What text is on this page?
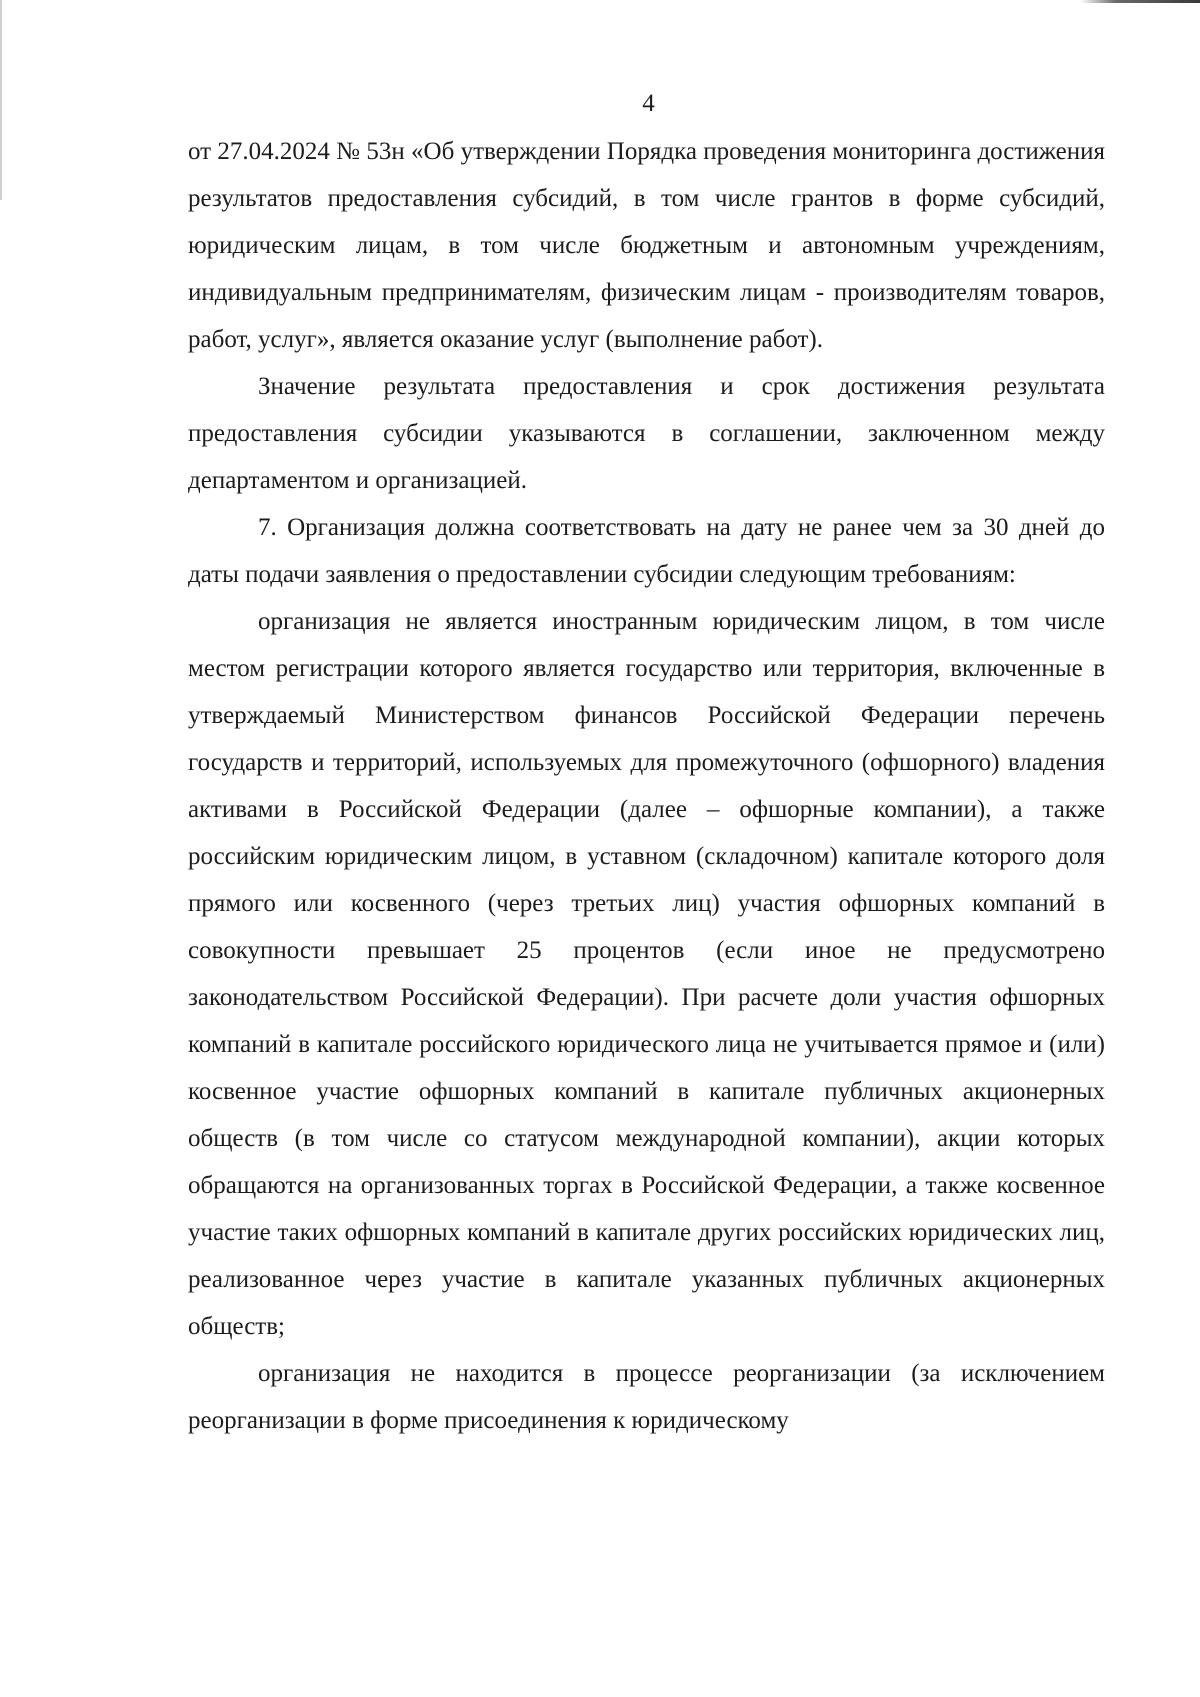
4

от 27.04.2024 № 53н «Об утверждении Порядка проведения мониторинга достижения результатов предоставления субсидий, в том числе грантов в форме субсидий, юридическим лицам, в том числе бюджетным и автономным учреждениям, индивидуальным предпринимателям, физическим лицам - производителям товаров, работ, услуг», является оказание услуг (выполнение работ).

Значение результата предоставления и срок достижения результата предоставления субсидии указываются в соглашении, заключенном между департаментом и организацией.

7. Организация должна соответствовать на дату не ранее чем за 30 дней до даты подачи заявления о предоставлении субсидии следующим требованиям:

организация не является иностранным юридическим лицом, в том числе местом регистрации которого является государство или территория, включенные в утверждаемый Министерством финансов Российской Федерации перечень государств и территорий, используемых для промежуточного (офшорного) владения активами в Российской Федерации (далее – офшорные компании), а также российским юридическим лицом, в уставном (складочном) капитале которого доля прямого или косвенного (через третьих лиц) участия офшорных компаний в совокупности превышает 25 процентов (если иное не предусмотрено законодательством Российской Федерации). При расчете доли участия офшорных компаний в капитале российского юридического лица не учитывается прямое и (или) косвенное участие офшорных компаний в капитале публичных акционерных обществ (в том числе со статусом международной компании), акции которых обращаются на организованных торгах в Российской Федерации, а также косвенное участие таких офшорных компаний в капитале других российских юридических лиц, реализованное через участие в капитале указанных публичных акционерных обществ;

организация не находится в процессе реорганизации (за исключением реорганизации в форме присоединения к юридическому
